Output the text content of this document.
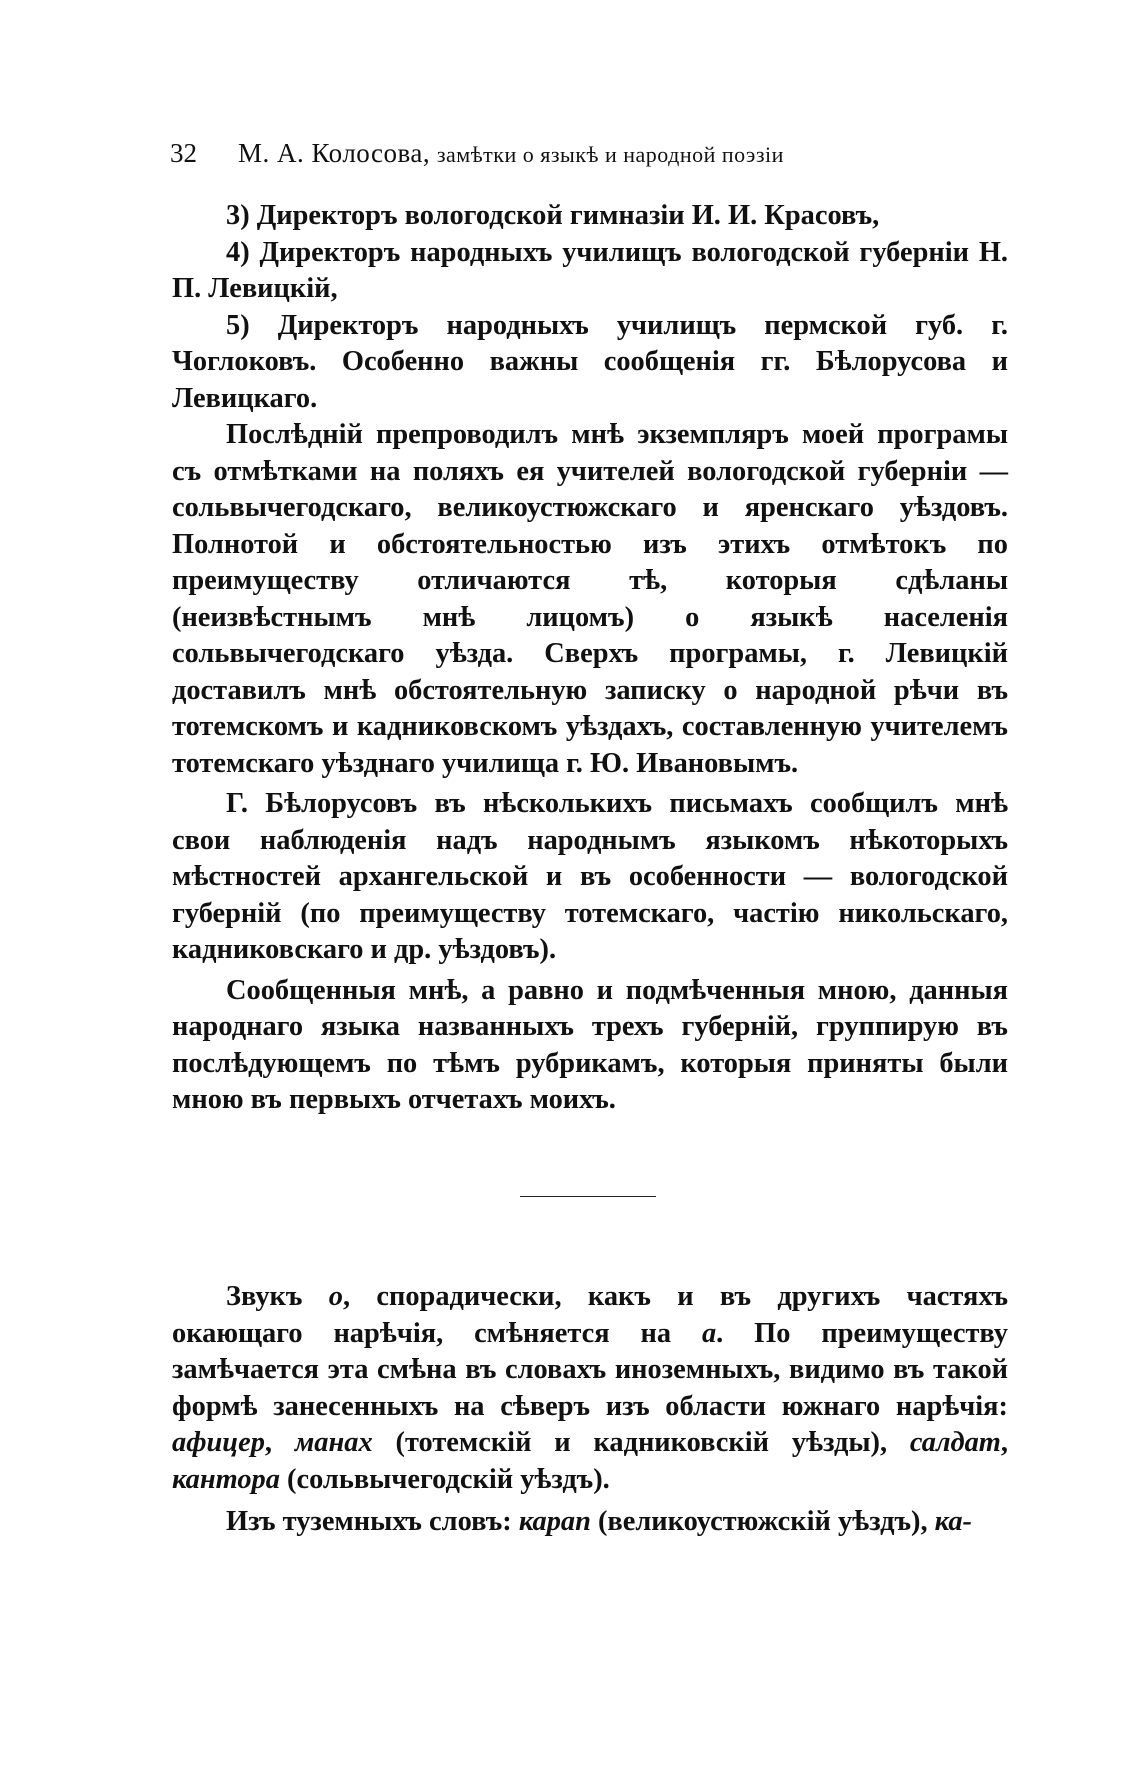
32 М. А. Колосова, замѣтки о языкѣ и народной поэзіи

3) Директоръ вологодской гимназіи И. И. Красовъ,

4) Директоръ народныхъ училищъ вологодской губерніи Н. П. Левицкій,

5) Директоръ народныхъ училищъ пермской губ. г. Чоглоковъ. Особенно важны сообщенія гг. Бѣлорусова и Левицкаго.

Послѣдній препроводилъ мнѣ экземпляръ моей програмы съ отмѣтками на поляхъ ея учителей вологодской губерніи — сольвычегодскаго, великоустюжскаго и яренскаго уѣздовъ. Полнотой и обстоятельностью изъ этихъ отмѣтокъ по преимуществу отличаются тѣ, которыя сдѣланы (неизвѣстнымъ мнѣ лицомъ) о языкѣ населенія сольвычегодскаго уѣзда. Сверхъ програмы, г. Левицкій доставилъ мнѣ обстоятельную записку о народной рѣчи въ тотемскомъ и кадниковскомъ уѣздахъ, составленную учителемъ тотемскаго уѣзднаго училища г. Ю. Ивановымъ.

Г. Бѣлорусовъ въ нѣсколькихъ письмахъ сообщилъ мнѣ свои наблюденія надъ народнымъ языкомъ нѣкоторыхъ мѣстностей архангельской и въ особенности — вологодской губерній (по преимуществу тотемскаго, частію никольскаго, кадниковскаго и др. уѣздовъ).

Сообщенныя мнѣ, а равно и подмѣченныя мною, данныя народнаго языка названныхъ трехъ губерній, группирую въ послѣдующемъ по тѣмъ рубрикамъ, которыя приняты были мною въ первыхъ отчетахъ моихъ.

Звукъ о, спорадически, какъ и въ другихъ частяхъ окающаго нарѣчія, смѣняется на а. По преимуществу замѣчается эта смѣна въ словахъ иноземныхъ, видимо въ такой формѣ занесенныхъ на сѣверъ изъ области южнаго нарѣчія: афицер, манах (тотемскій и кадниковскій уѣзды), салдат, кантора (сольвычегодскій уѣздъ).

Изъ туземныхъ словъ: карап (великоустюжскій уѣздъ), ка-
